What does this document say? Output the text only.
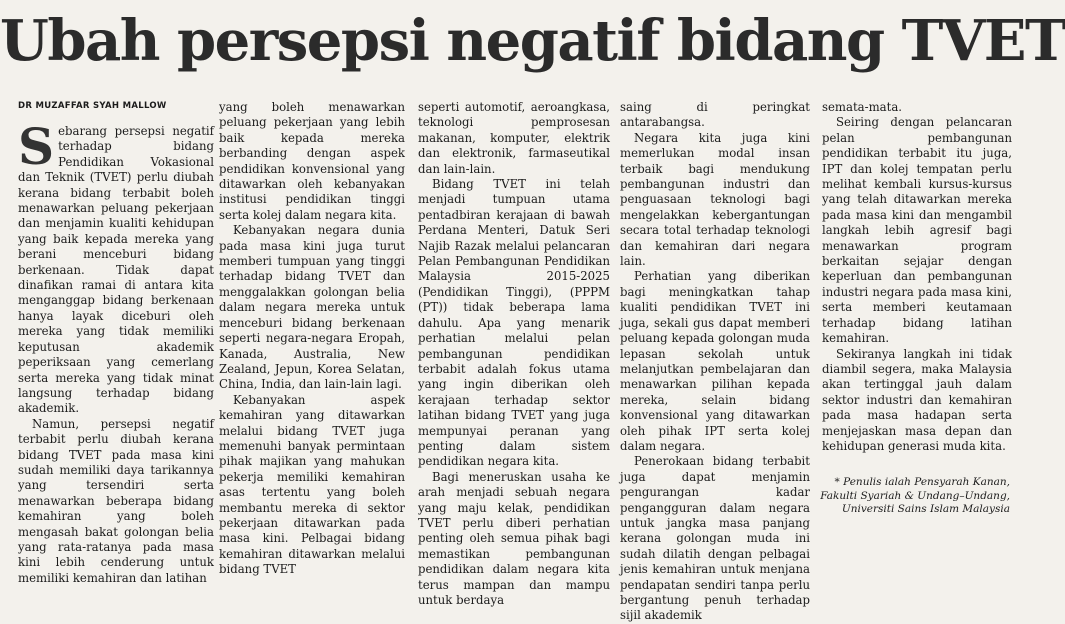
Ubah persepsi negatif bidang TVET
DR MUZAFFAR SYAH MALLOW

Sebarang persepsi negatif terhadap bidang Pendidikan Vokasional dan Teknik (TVET) perlu diubah kerana bidang terbabit boleh menawarkan peluang pekerjaan dan menjamin kualiti kehidupan yang baik kepada mereka yang berani menceburi bidang berkenaan. Tidak dapat dinafikan ramai di antara kita menganggap bidang berkenaan hanya layak diceburi oleh mereka yang tidak memiliki keputusan akademik peperiksaan yang cemerlang serta mereka yang tidak minat langsung terhadap bidang akademik.

Namun, persepsi negatif terbabit perlu diubah kerana bidang TVET pada masa kini sudah memiliki daya tarikannya yang tersendiri serta menawarkan beberapa bidang kemahiran yang boleh mengasah bakat golongan belia yang rata-ratanya pada masa kini lebih cenderung untuk memiliki kemahiran dan latihan

yang boleh menawarkan peluang pekerjaan yang lebih baik kepada mereka berbanding dengan aspek pendidikan konvensional yang ditawarkan oleh kebanyakan institusi pendidikan tinggi serta kolej dalam negara kita.

Kebanyakan negara dunia pada masa kini juga turut memberi tumpuan yang tinggi terhadap bidang TVET dan menggalakkan golongan belia dalam negara mereka untuk menceburi bidang berkenaan seperti negara-negara Eropah, Kanada, Australia, New Zealand, Jepun, Korea Selatan, China, India, dan lain-lain lagi.

Kebanyakan aspek kemahiran yang ditawarkan melalui bidang TVET juga memenuhi banyak permintaan pihak majikan yang mahukan pekerja memiliki kemahiran asas tertentu yang boleh membantu mereka di sektor pekerjaan ditawarkan pada masa kini. Pelbagai bidang kemahiran ditawarkan melalui bidang TVET

seperti automotif, aeroangkasa, teknologi pemprosesan makanan, komputer, elektrik dan elektronik, farmaseutikal dan lain-lain.

Bidang TVET ini telah menjadi tumpuan utama pentadbiran kerajaan di bawah Perdana Menteri, Datuk Seri Najib Razak melalui pelancaran Pelan Pembangunan Pendidikan Malaysia 2015-2025 (Pendidikan Tinggi), (PPPM (PT)) tidak beberapa lama dahulu. Apa yang menarik perhatian melalui pelan pembangunan pendidikan terbabit adalah fokus utama yang ingin diberikan oleh kerajaan terhadap sektor latihan bidang TVET yang juga mempunyai peranan yang penting dalam sistem pendidikan negara kita.

Bagi meneruskan usaha ke arah menjadi sebuah negara yang maju kelak, pendidikan TVET perlu diberi perhatian penting oleh semua pihak bagi memastikan pembangunan pendidikan dalam negara kita terus mampan dan mampu untuk berdaya

saing di peringkat antarabangsa.

Negara kita juga kini memerlukan modal insan terbaik bagi mendukung pembangunan industri dan penguasaan teknologi bagi mengelakkan kebergantungan secara total terhadap teknologi dan kemahiran dari negara lain.

Perhatian yang diberikan bagi meningkatkan tahap kualiti pendidikan TVET ini juga, sekali gus dapat memberi peluang kepada golongan muda lepasan sekolah untuk melanjutkan pembelajaran dan menawarkan pilihan kepada mereka, selain bidang konvensional yang ditawarkan oleh pihak IPT serta kolej dalam negara.

Penerokaan bidang terbabit juga dapat menjamin pengurangan kadar pengangguran dalam negara untuk jangka masa panjang kerana golongan muda ini sudah dilatih dengan pelbagai jenis kemahiran untuk menjana pendapatan sendiri tanpa perlu bergantung penuh terhadap sijil akademik

semata-mata.

Seiring dengan pelancaran pelan pembangunan pendidikan terbabit itu juga, IPT dan kolej tempatan perlu melihat kembali kursus-kursus yang telah ditawarkan mereka pada masa kini dan mengambil langkah lebih agresif bagi menawarkan program berkaitan sejajar dengan keperluan dan pembangunan industri negara pada masa kini, serta memberi keutamaan terhadap bidang latihan kemahiran.

Sekiranya langkah ini tidak diambil segera, maka Malaysia akan tertinggal jauh dalam sektor industri dan kemahiran pada masa hadapan serta menjejaskan masa depan dan kehidupan generasi muda kita.

* Penulis ialah Pensyarah Kanan, Fakulti Syariah & Undang–Undang, Universiti Sains Islam Malaysia
